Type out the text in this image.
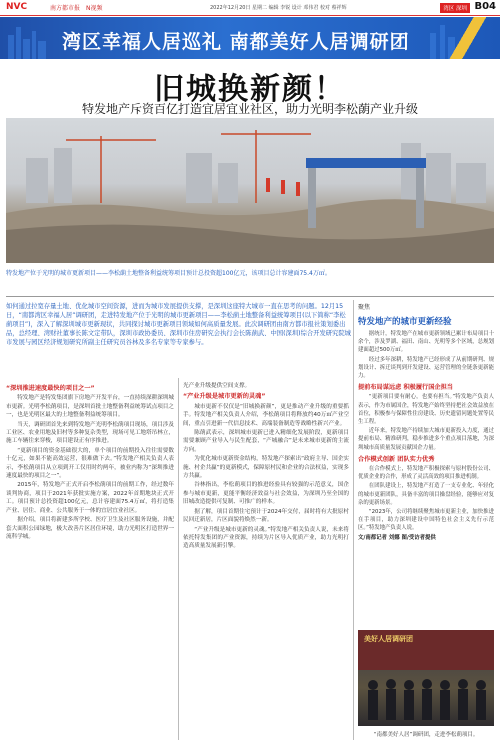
NVC	南方都市报 N视频	2022年12月20日 星期二 编辑 李锐 设计 邓伟君 校对 蔡祥辉	湾区 深圳 B04
湾区幸福人居巡礼 南都美好人居调研团
旧城换新颜！
特发地产斥资百亿打造宜居宜业社区，助力光明李松蓢产业升级
特发地产位于光明的城市更新项目——李松蓢土地整备利益统筹项目预计总投资超100亿元，该项目总计容建面75.4万㎡。
如何通过拉宽存量土地、优化城市空间资源，进而为城市发展提供支撑，是深圳这座特大城市一直在思考的问题。12月15日，“南都湾区幸福人居”调研团，走进特发地产位于光明的城市更新项目——李松蓢土地整备利益统筹项目(以下简称“李松蓢项目”)，深入了解深圳城市更新现状，共同探讨城市更新项目领域如何高质量发展。此次调研团由南方都市报社策划委出品，总经理、湾财社董事长陈文定带队，深圳市政协委员、深圳市住房研究会执行会长陈蓢武、中国(深圳)综合开发研究院城市发展与园区经济规划研究所副主任研究员谷林及多名专家等专家参与。

“深圳推进速度最快的项目之一”

特发地产是特发集团旗下房地产开发平台，一直持续深耕深圳城市更新。光明李松蓢项目，是深圳首批土地整备利益统筹试点项目之一，也是光明区最大的土地整备利益统筹项目。

当天，调研团首先来到特发地产光明李松蓢项目现场，项目涉及工业区、农业用地及旧村等多种复杂类型，现场可见工地塔吊林立，施工车辆往来穿梭，项目建设正有序推进。

“更新项目的资金基础很大的，单个项目的前期投入往往需要数十亿元，如果不能高效运营，很难做下去。”特发地产相关负责人表示，李松蓢项目从立项到开工仅用时约两年，被业内称为“深圳推进速度最快的项目之一”。

2015年，特发地产正式开启李松蓢项目的前期工作，经过数年谈判协商，项目于2021年获批实施方案，2022年首期地块正式开工。项目预计总投资超100亿元，总计容建面75.4万㎡，将打造集产业、居住、商业、公共服务于一体的宜居宜业社区。

据介绍，项目将新建多所学校、医疗卫生及社区服务设施，并配套大面积公园绿地，极大改善片区居住环境，助力光明区打造世界一流科学城。

光产业升级提供空间支撑。

“产业升级是城市更新的灵魂”

城市更新不仅仅是“旧城换新颜”，更是推动产业升级的重要抓手。特发地产相关负责人介绍，李松蓢项目将释放约40万㎡产业空间，重点引进新一代信息技术、高端装备制造等战略性新兴产业。

陈蓢武表示，深圳城市更新已进入精细化发展阶段，更新项目需要兼顾产业导入与民生配套，“产城融合”是未来城市更新的主流方向。

为优化城市更新资金结构，特发地产探索出“政府主导、国企实施、村企共赢”的更新模式，保障原村民和企业的合法权益，实现多方共赢。

谷林指出，李松蓢项目的推进经验具有较强的示范意义，国企参与城市更新，更能平衡经济效益与社会效益，为深圳乃至全国的旧城改造提供可复制、可推广的样本。

据了解，项目首期住宅预计于2024年交付，届时将有大批原村民回迁新居，片区面貌将焕然一新。

“产业升级是城市更新的灵魂。”特发地产相关负责人说，未来将依托特发集团的产业资源，持续为片区导入优质产业，助力光明打造高质量发展新引擎。

聚焦
特发地产的城市更新经验

据统计，特发地产在城市更新领域已累计布局项目十余个，涉及罗湖、福田、南山、光明等多个区域，总规划建面超过500万㎡。

经过多年深耕，特发地产已经形成了从前期研判、规划设计、拆迁谈判到开发建设、运营管理的全链条更新能力。

提前布局谋远虑 积极履行国企担当

“更新项目要有耐心，也要有担当。”特发地产负责人表示，作为市属国企，特发地产始终坚持把社会效益放在首位，积极参与保障性住房建设、历史遗留问题处置等民生工程。

近年来，特发地产持续加大城市更新投入力度，通过提前布局、精准研判，稳步推进多个重点项目落地，为深圳城市高质量发展贡献国企力量。

合作模式创新 团队实力优秀

在合作模式上，特发地产积极探索与原村股份公司、优质企业的合作，形成了灵活高效的项目推进机制。

在团队建设上，特发地产打造了一支专业化、年轻化的城市更新团队，具备丰富的项目操盘经验，能够应对复杂的更新场景。

“2023年，公司将继续聚焦城市更新主业，加快推进在手项目，助力深圳建设中国特色社会主义先行示范区。”特发地产负责人说。

文/南都记者 刘娜 图/受访者提供

美好人居调研团
“南都美好人居”调研团，走进李松蓢项目。
